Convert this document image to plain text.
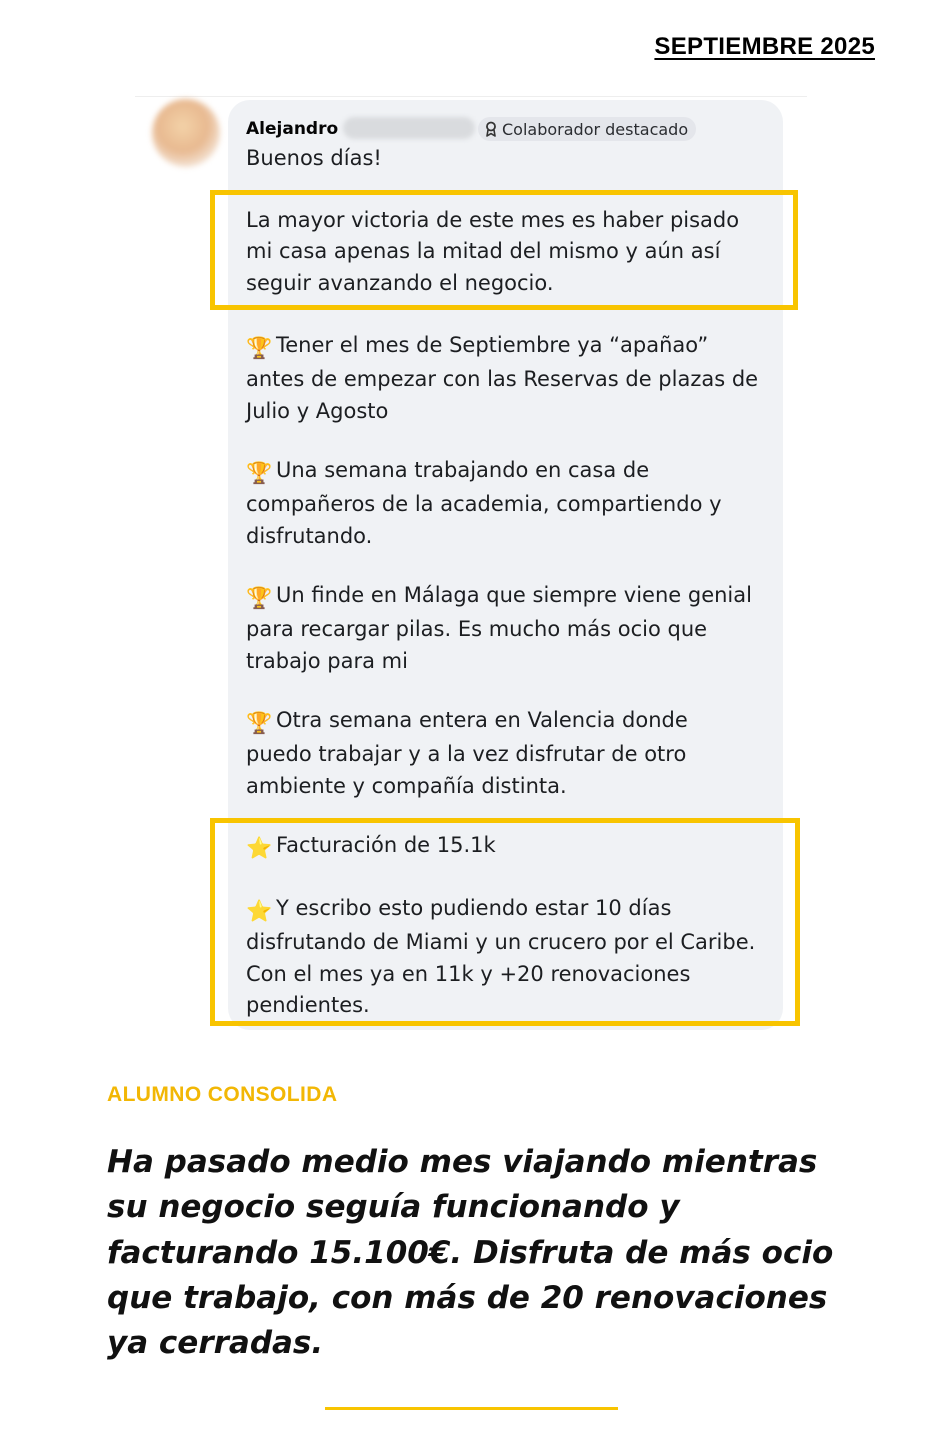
SEPTIEMBRE 2025
Alejandro	Colaborador destacado
Buenos días!
La mayor victoria de este mes es haber pisado
mi casa apenas la mitad del mismo y aún así
seguir avanzando el negocio.
🏆 Tener el mes de Septiembre ya “apañao”
antes de empezar con las Reservas de plazas de
Julio y Agosto
🏆 Una semana trabajando en casa de
compañeros de la academia, compartiendo y
disfrutando.
🏆 Un finde en Málaga que siempre viene genial
para recargar pilas. Es mucho más ocio que
trabajo para mi
🏆 Otra semana entera en Valencia donde
puedo trabajar y a la vez disfrutar de otro
ambiente y compañía distinta.
⭐ Facturación de 15.1k
⭐ Y escribo esto pudiendo estar 10 días
disfrutando de Miami y un crucero por el Caribe.
Con el mes ya en 11k y +20 renovaciones
pendientes.
ALUMNO CONSOLIDA
Ha pasado medio mes viajando mientras su negocio seguía funcionando y facturando 15.100€. Disfruta de más ocio que trabajo, con más de 20 renovaciones ya cerradas.
